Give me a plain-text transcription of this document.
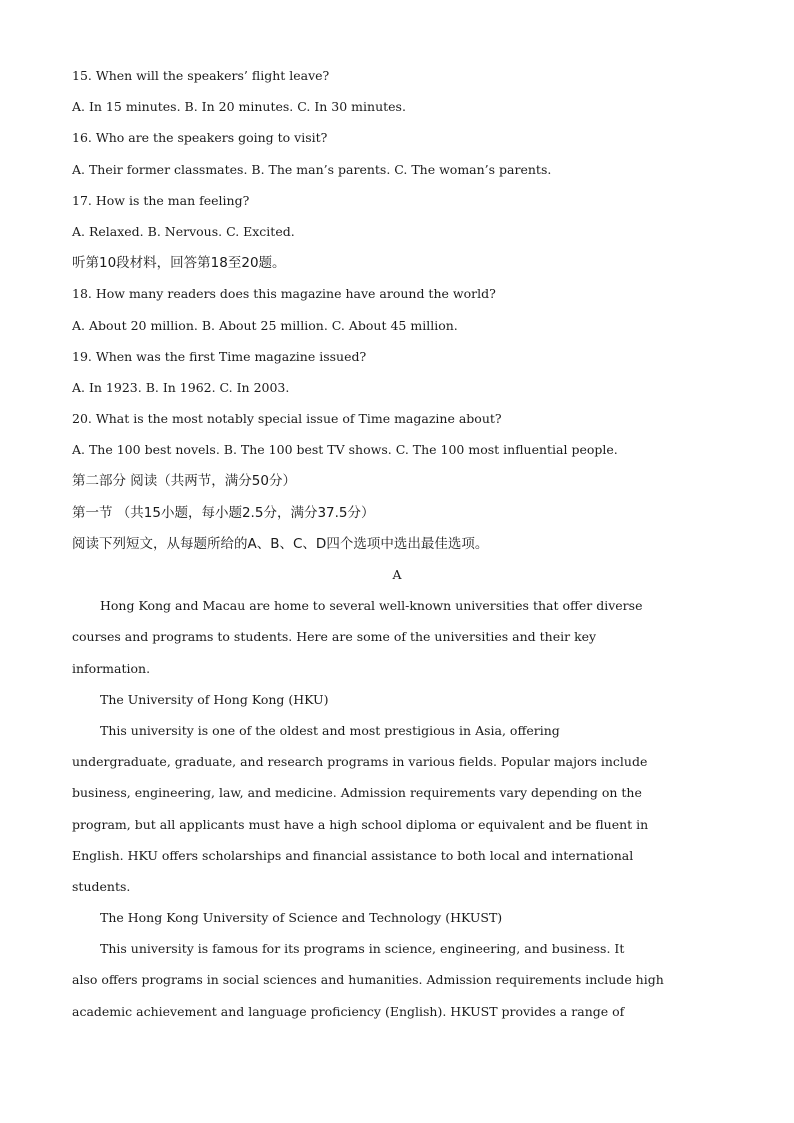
15. When will the speakers’ flight leave?
A. In 15 minutes. B. In 20 minutes. C. In 30 minutes.
16. Who are the speakers going to visit?
A. Their former classmates. B. The man’s parents. C. The woman’s parents.
17. How is the man feeling?
A. Relaxed. B. Nervous. C. Excited.
听第10段材料，回答第18至20题。
18. How many readers does this magazine have around the world?
A. About 20 million. B. About 25 million. C. About 45 million.
19. When was the first Time magazine issued?
A. In 1923. B. In 1962. C. In 2003.
20. What is the most notably special issue of Time magazine about?
A. The 100 best novels. B. The 100 best TV shows. C. The 100 most influential people.
第二部分 阅读（共两节，满分50分）
第一节 （共15小题，每小题2.5分，满分37.5分）
阅读下列短文，从每题所给的A、B、C、D四个选项中选出最佳选项。
A
Hong Kong and Macau are home to several well-known universities that offer diverse
courses and programs to students. Here are some of the universities and their key
information.
The University of Hong Kong (HKU)
This university is one of the oldest and most prestigious in Asia, offering
undergraduate, graduate, and research programs in various fields. Popular majors include
business, engineering, law, and medicine. Admission requirements vary depending on the
program, but all applicants must have a high school diploma or equivalent and be fluent in
English. HKU offers scholarships and financial assistance to both local and international
students.
The Hong Kong University of Science and Technology (HKUST)
This university is famous for its programs in science, engineering, and business. It
also offers programs in social sciences and humanities. Admission requirements include high
academic achievement and language proficiency (English). HKUST provides a range of
